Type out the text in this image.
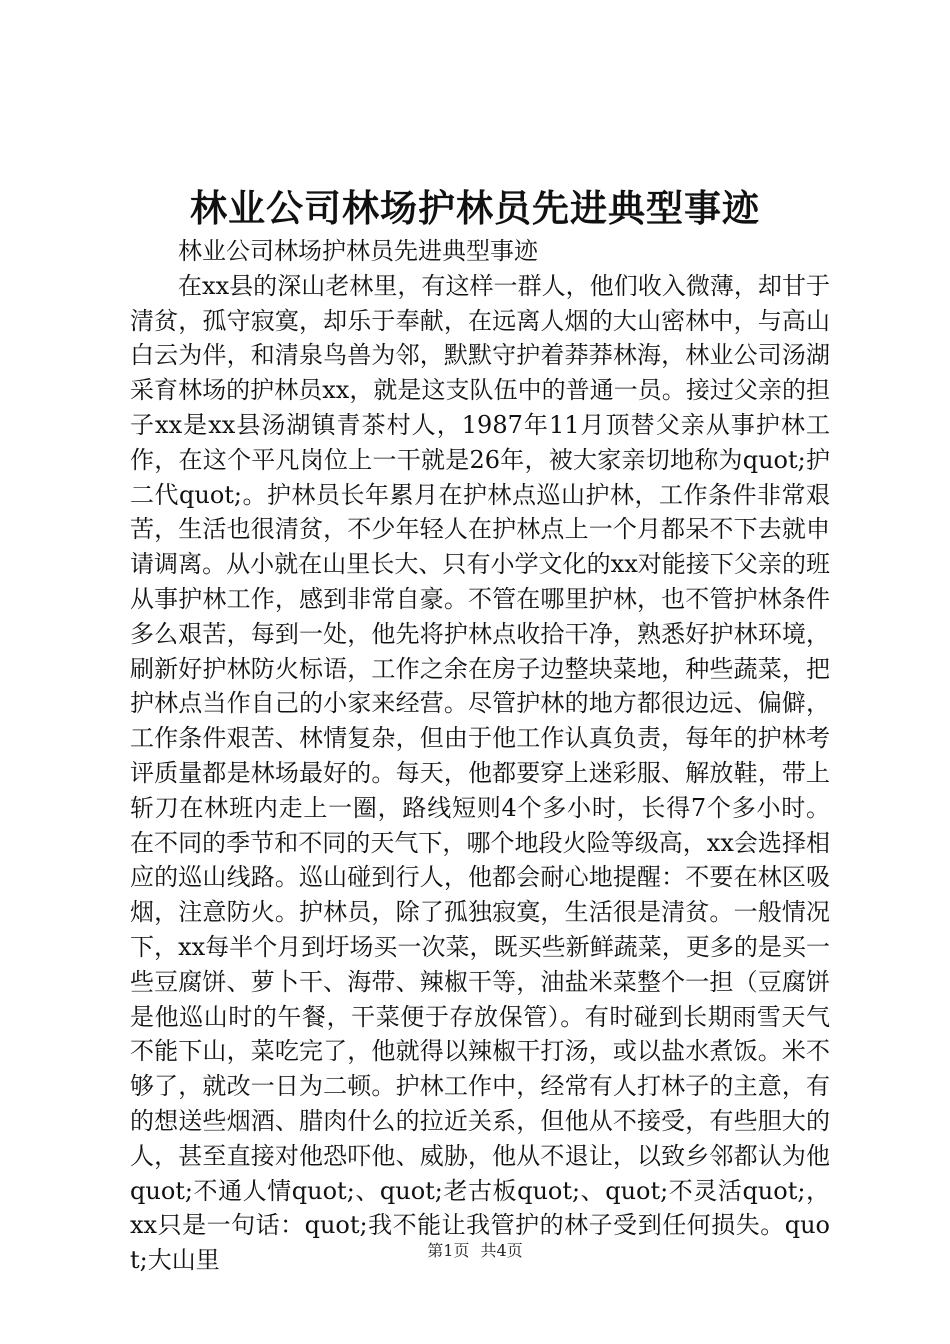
林业公司林场护林员先进典型事迹

林业公司林场护林员先进典型事迹

在xx县的深山老林里，有这样一群人，他们收入微薄，却甘于清贫，孤守寂寞，却乐于奉献，在远离人烟的大山密林中，与高山白云为伴，和清泉鸟兽为邻，默默守护着莽莽林海，林业公司汤湖采育林场的护林员xx，就是这支队伍中的普通一员。接过父亲的担子xx是xx县汤湖镇青茶村人，1987年11月顶替父亲从事护林工作，在这个平凡岗位上一干就是26年，被大家亲切地称为quot;护二代quot;。护林员长年累月在护林点巡山护林，工作条件非常艰苦，生活也很清贫，不少年轻人在护林点上一个月都呆不下去就申请调离。从小就在山里长大、只有小学文化的xx对能接下父亲的班从事护林工作，感到非常自豪。不管在哪里护林，也不管护林条件多么艰苦，每到一处，他先将护林点收拾干净，熟悉好护林环境，刷新好护林防火标语，工作之余在房子边整块菜地，种些蔬菜，把护林点当作自己的小家来经营。尽管护林的地方都很边远、偏僻，工作条件艰苦、林情复杂，但由于他工作认真负责，每年的护林考评质量都是林场最好的。每天，他都要穿上迷彩服、解放鞋，带上斩刀在林班内走上一圈，路线短则4个多小时，长得7个多小时。在不同的季节和不同的天气下，哪个地段火险等级高，xx会选择相应的巡山线路。巡山碰到行人，他都会耐心地提醒：不要在林区吸烟，注意防火。护林员，除了孤独寂寞，生活很是清贫。一般情况下，xx每半个月到圩场买一次菜，既买些新鲜蔬菜，更多的是买一些豆腐饼、萝卜干、海带、辣椒干等，油盐米菜整个一担（豆腐饼是他巡山时的午餐，干菜便于存放保管）。有时碰到长期雨雪天气不能下山，菜吃完了，他就得以辣椒干打汤，或以盐水煮饭。米不够了，就改一日为二顿。护林工作中，经常有人打林子的主意，有的想送些烟酒、腊肉什么的拉近关系，但他从不接受，有些胆大的人，甚至直接对他恐吓他、威胁，他从不退让，以致乡邻都认为他quot;不通人情quot;、quot;老古板quot;、quot;不灵活quot;，xx只是一句话：quot;我不能让我管护的林子受到任何损失。quot;大山里	第1页 共4页
